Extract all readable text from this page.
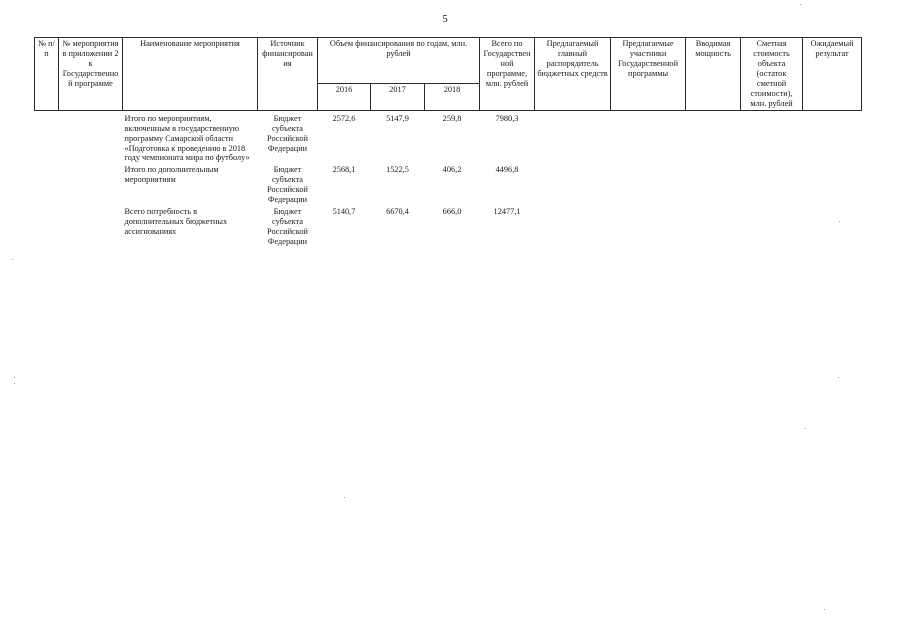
5
№ п/п	№ мероприятия в приложении 2 к Государственной программе	Наименование мероприятия	Источник финансирования	Объем финансирования по годам, млн. рублей			Всего по Государственной программе, млн. рублей	Предлагаемый главный распорядитель бюджетных средств	Предлагаемые участники Государственной программы	Вводимая мощность	Сметная стоимость объекта (остаток сметной стоимости), млн. рублей	Ожидаемый результат
				2016	2017	2018						

		Итого по мероприятиям, включенным в государственную программу Самарской области «Подготовка к проведению в 2018 году чемпионата мира по футболу»	Бюджет субъекта Российской Федерации	2572,6	5147,9	259,8	7980,3					
		Итого по дополнительным мероприятиям	Бюджет субъекта Российской Федерации	2568,1	1522,5	406,2	4496,8					
		Всего потребность в дополнительных бюджетных ассигнованиях	Бюджет субъекта Российской Федерации	5140,7	6670,4	666,0	12477,1					
